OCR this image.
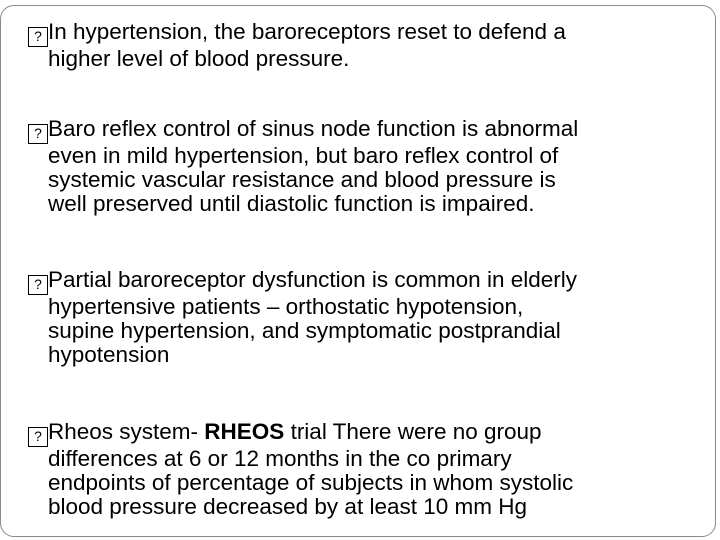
? In hypertension, the baroreceptors reset to defend a
higher level of blood pressure.
? Baro reflex control of sinus node function is abnormal
even in mild hypertension, but baro reflex control of
systemic vascular resistance and blood pressure is
well preserved until diastolic function is impaired.
? Partial baroreceptor dysfunction is common in elderly
hypertensive patients – orthostatic hypotension,
supine hypertension, and symptomatic postprandial
hypotension
? Rheos system- RHEOS trial There were no group
differences at 6 or 12 months in the co primary
endpoints of percentage of subjects in whom systolic
blood pressure decreased by at least 10 mm Hg
